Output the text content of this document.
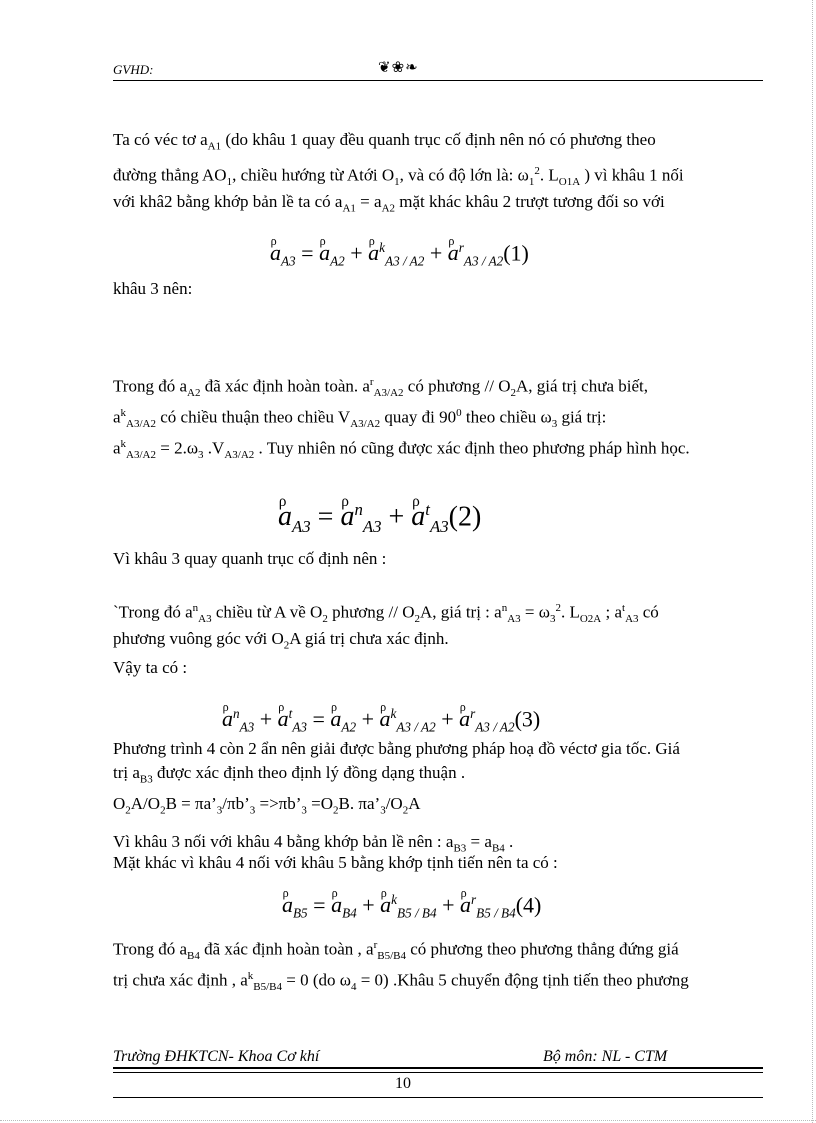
GVHD:	❦❀❧
Ta có véc tơ $a_{A1}$ (do khâu 1 quay đều quanh trục cố định nên nó có phương theo
đường thẳng $AO_1$, chiều hướng từ Atới $O_1$, và có độ lớn là: $\omega_1^2$. $L_{O1A}$ ) vì khâu 1 nối
với khâ2 bằng khớp bản lề ta có $a_{A1} = a_{A2}$ mặt khác khâu 2 trượt tương đối so với
ρ $a_{A3} = \rho$ $a_{A2} + \rho$ $a^k_{A3 / A2} + \rho$ $a^r_{A3 / A2}(1)$
khâu 3 nên:
Trong đó $a_{A2}$ đã xác định hoàn toàn. $a^r_{A3/A2}$ có phương // $O_2A$, giá trị chưa biết,
$a^k_{A3/A2}$ có chiều thuận theo chiều $V_{A3/A2}$ quay đi $90^0$ theo chiều $\omega_3$ giá trị:
$a^k_{A3/A2} = 2.\omega_3$ $.V_{A3/A2}$ . Tuy nhiên nó cũng được xác định theo phương pháp hình học.
ρ $a_{A3} = \rho$ $a^n_{A3} + \rho$ $a^t_{A3}(2)$
Vì khâu 3 quay quanh trục cố định nên :
`Trong đó $a^n_{A3}$ chiều từ A về $O_2$ phương // $O_2A$, giá trị : $a^n_{A3} = \omega_3^2$. $L_{O2A}$ ; $a^t_{A3}$ có
phương vuông góc với $O_2A$ giá trị chưa xác định.
Vậy ta có :
ρ $a^n_{A3} + \rho$ $a^t_{A3} = \rho$ $a_{A2} + \rho$ $a^k_{A3 / A2} + \rho$ $a^r_{A3 / A2}(3)$
Phương trình 4 còn 2 ẩn nên giải được bằng phương pháp hoạ đồ véctơ gia tốc. Giá
trị $a_{B3}$ được xác định theo định lý đồng dạng thuận .
$O_2A/O_2B$ = $\pi a’_3/\pi b’_3$ $=>\pi b’_3 =O_2B$. $\pi a’_3/O_2A$
Vì khâu 3 nối với khâu 4 bằng khớp bản lề nên : $a_{B3} = a_{B4}$ .
Mặt khác vì khâu 4 nối với khâu 5 bằng khớp tịnh tiến nên ta có :
ρ $a_{B5} = \rho$ $a_{B4} + \rho$ $a^k_{B5 / B4} + \rho$ $a^r_{B5 / B4}(4)$
Trong đó $a_{B4}$ đã xác định hoàn toàn , $a^r_{B5/B4}$ có phương theo phương thẳng đứng giá
trị chưa xác định , $a^k_{B5/B4} = 0$ (do $\omega_4 = 0$) .Khâu 5 chuyển động tịnh tiến theo phương
Trường ĐHKTCN- Khoa Cơ khí	Bộ môn: NL - CTM
10
